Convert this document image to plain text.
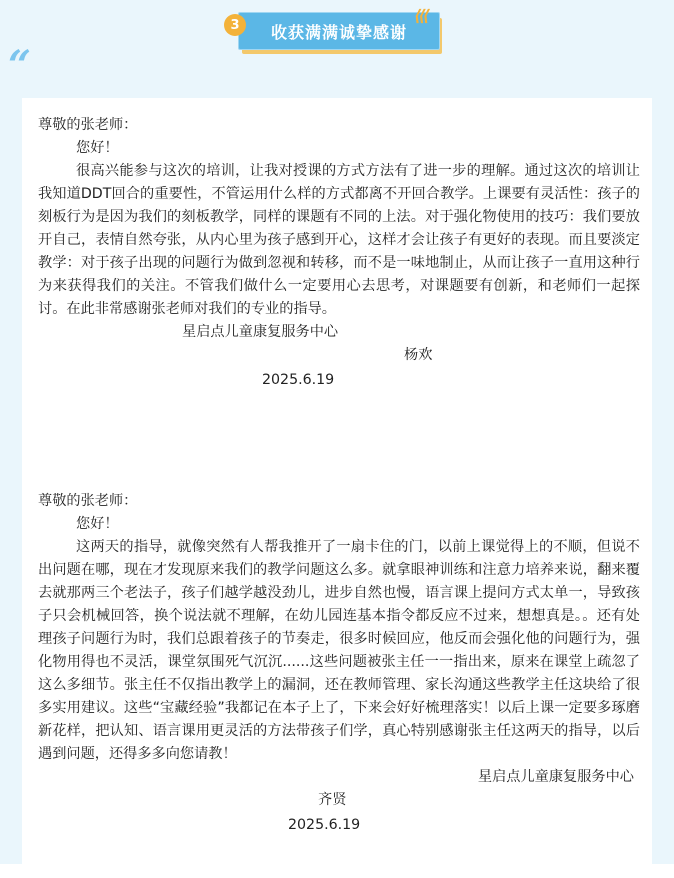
收获满满诚挚感谢
3	⟨⟨⟨
“

尊敬的张老师：

您好！

很高兴能参与这次的培训，让我对授课的方式方法有了进一步的理解。通过这次的培训让我知道DDT回合的重要性，不管运用什么样的方式都离不开回合教学。上课要有灵活性：孩子的刻板行为是因为我们的刻板教学，同样的课题有不同的上法。对于强化物使用的技巧：我们要放开自己，表情自然夸张，从内心里为孩子感到开心，这样才会让孩子有更好的表现。而且要淡定教学：对于孩子出现的问题行为做到忽视和转移，而不是一味地制止，从而让孩子一直用这种行为来获得我们的关注。不管我们做什么一定要用心去思考，对课题要有创新，和老师们一起探讨。在此非常感谢张老师对我们的专业的指导。

星启点儿童康复服务中心

杨欢

2025.6.19

尊敬的张老师：

您好！

这两天的指导，就像突然有人帮我推开了一扇卡住的门，以前上课觉得上的不顺，但说不出问题在哪，现在才发现原来我们的教学问题这么多。就拿眼神训练和注意力培养来说，翻来覆去就那两三个老法子，孩子们越学越没劲儿，进步自然也慢，语言课上提问方式太单一，导致孩子只会机械回答，换个说法就不理解，在幼儿园连基本指令都反应不过来，想想真是。。还有处理孩子问题行为时，我们总跟着孩子的节奏走，很多时候回应，他反而会强化他的问题行为，强化物用得也不灵活，课堂氛围死气沉沉......这些问题被张主任一一指出来，原来在课堂上疏忽了这么多细节。张主任不仅指出教学上的漏洞，还在教师管理、家长沟通这些教学主任这块给了很多实用建议。这些“宝藏经验”我都记在本子上了，下来会好好梳理落实！以后上课一定要多琢磨新花样，把认知、语言课用更灵活的方法带孩子们学，真心特别感谢张主任这两天的指导，以后遇到问题，还得多多向您请教！

星启点儿童康复服务中心

齐贤

2025.6.19
